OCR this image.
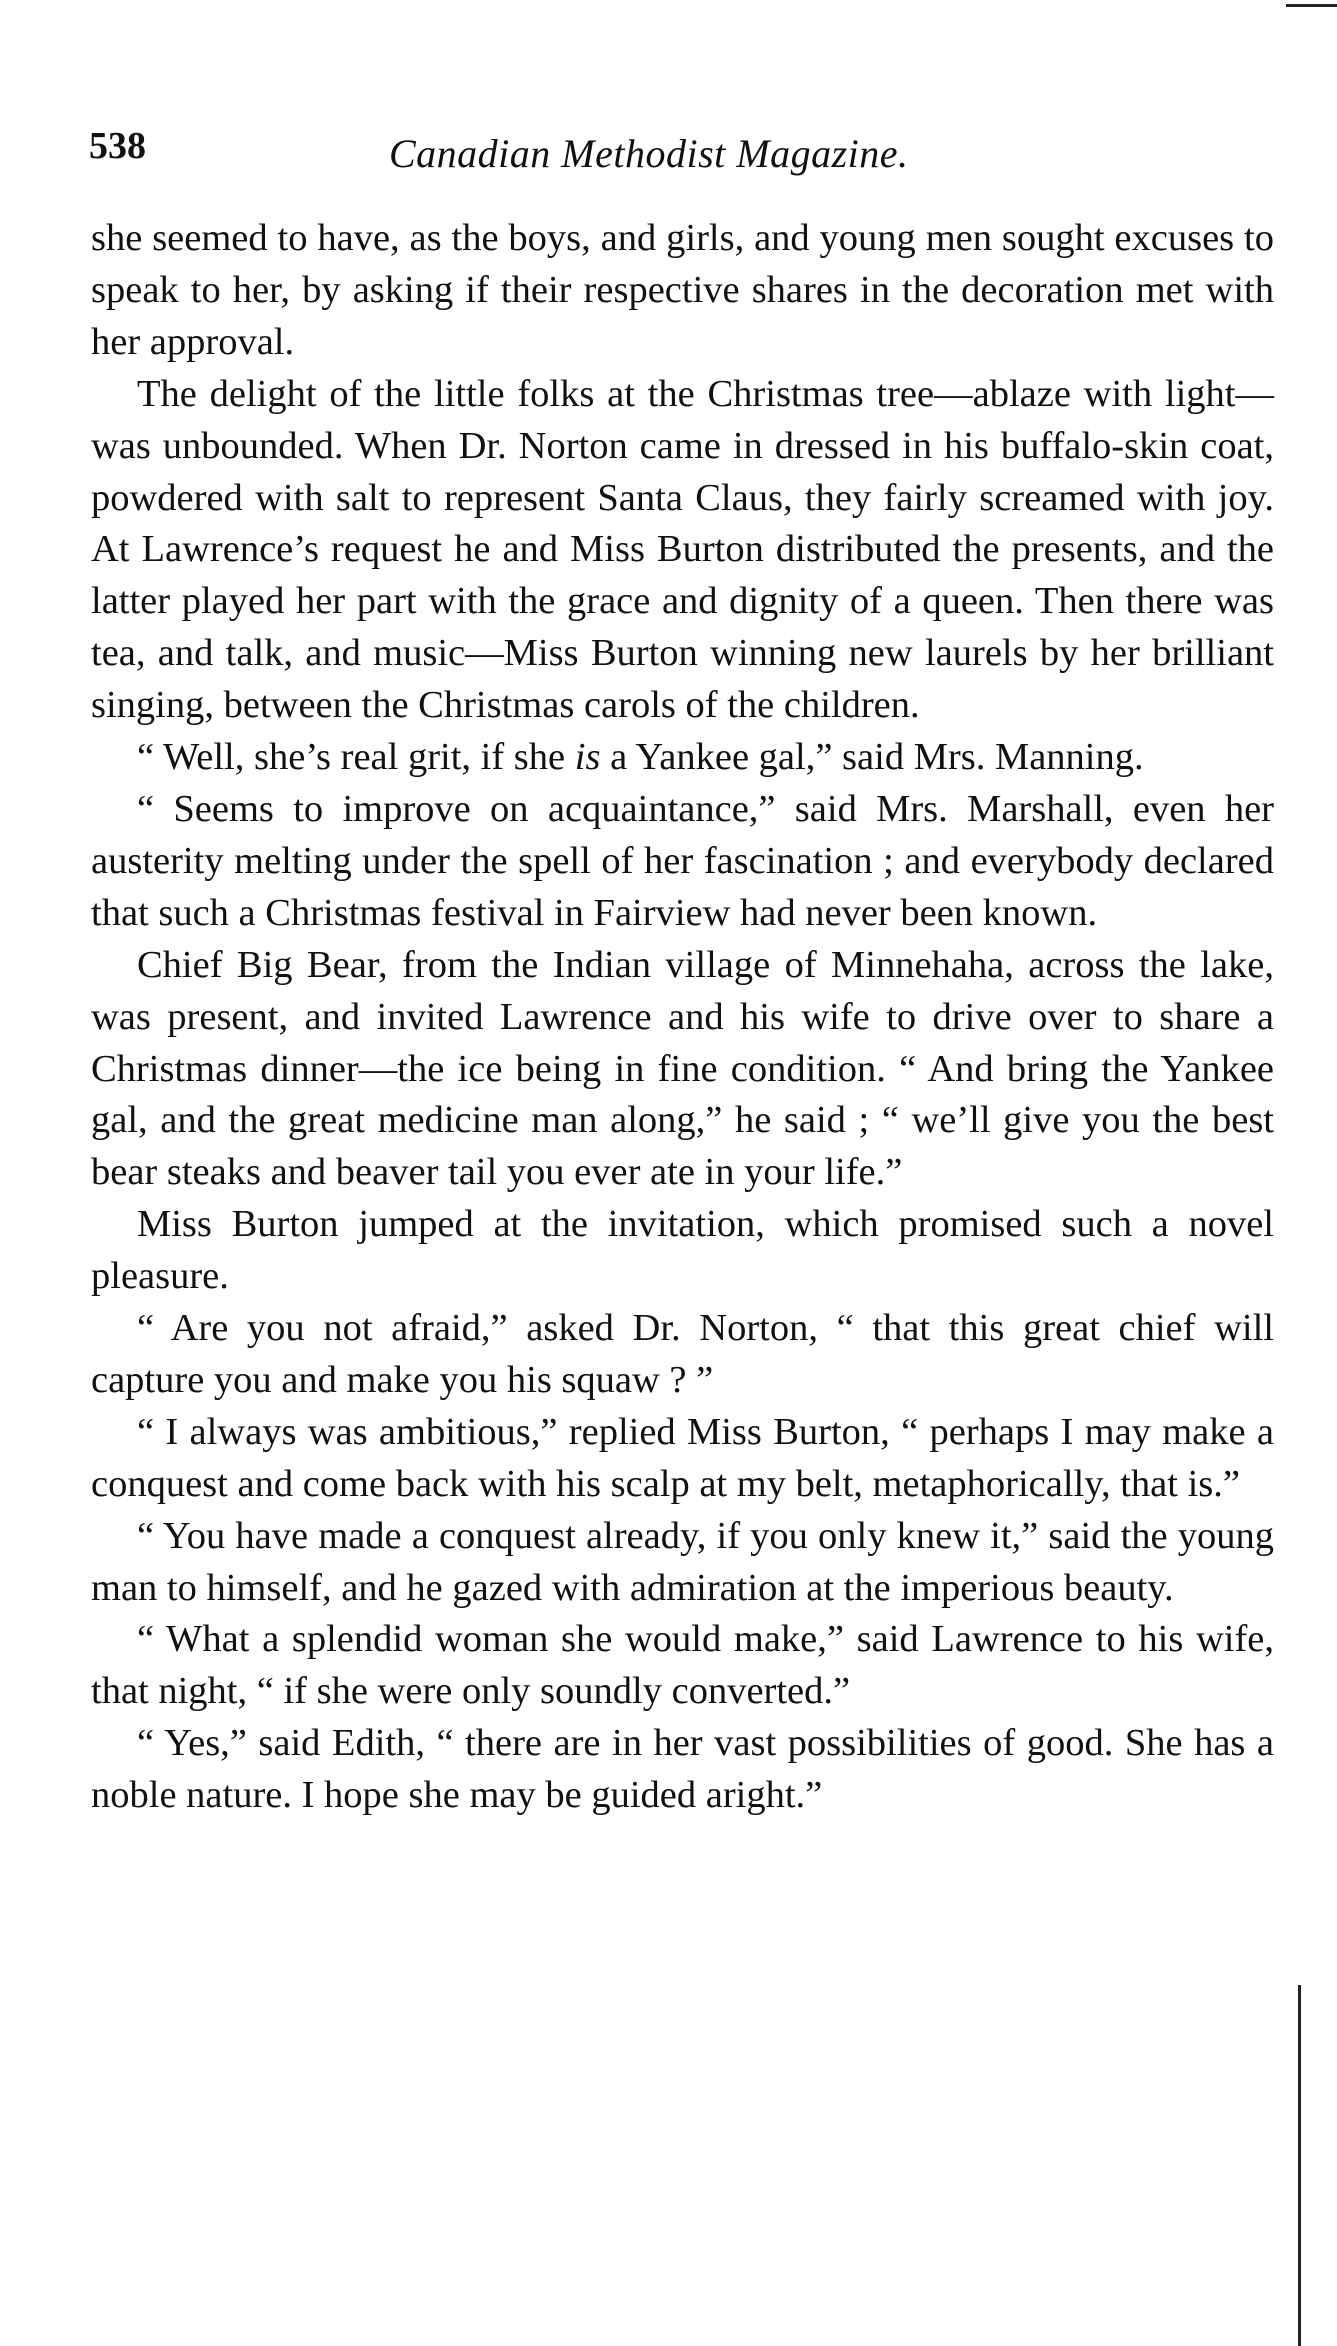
538	Canadian Methodist Magazine.

she seemed to have, as the boys, and girls, and young men sought excuses to speak to her, by asking if their respective shares in the decoration met with her approval.

The delight of the little folks at the Christmas tree—ablaze with light—was unbounded. When Dr. Norton came in dressed in his buffalo-skin coat, powdered with salt to represent Santa Claus, they fairly screamed with joy. At Lawrence’s request he and Miss Burton distributed the presents, and the latter played her part with the grace and dignity of a queen. Then there was tea, and talk, and music—Miss Burton winning new laurels by her brilliant singing, between the Christmas carols of the children.

“ Well, she’s real grit, if she is a Yankee gal,” said Mrs. Manning.

“ Seems to improve on acquaintance,” said Mrs. Marshall, even her austerity melting under the spell of her fascination ; and everybody declared that such a Christmas festival in Fairview had never been known.

Chief Big Bear, from the Indian village of Minnehaha, across the lake, was present, and invited Lawrence and his wife to drive over to share a Christmas dinner—the ice being in fine condition. “ And bring the Yankee gal, and the great medicine man along,” he said ; “ we’ll give you the best bear steaks and beaver tail you ever ate in your life.”

Miss Burton jumped at the invitation, which promised such a novel pleasure.

“ Are you not afraid,” asked Dr. Norton, “ that this great chief will capture you and make you his squaw ? ”

“ I always was ambitious,” replied Miss Burton, “ perhaps I may make a conquest and come back with his scalp at my belt, metaphorically, that is.”

“ You have made a conquest already, if you only knew it,” said the young man to himself, and he gazed with admiration at the imperious beauty.

“ What a splendid woman she would make,” said Lawrence to his wife, that night, “ if she were only soundly converted.”

“ Yes,” said Edith, “ there are in her vast possibilities of good. She has a noble nature. I hope she may be guided aright.”
